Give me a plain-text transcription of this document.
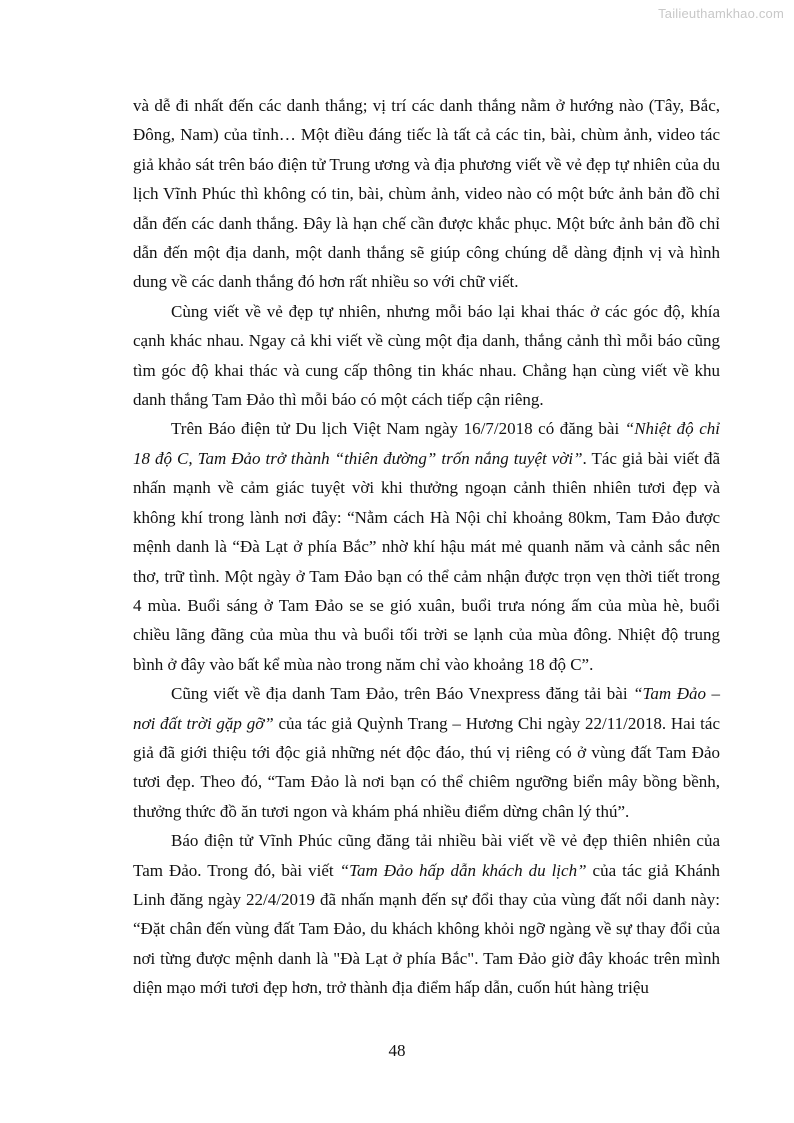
Tailieuthamkhao.com

và dễ đi nhất đến các danh thắng; vị trí các danh thắng nằm ở hướng nào (Tây, Bắc, Đông, Nam) của tỉnh… Một điều đáng tiếc là tất cả các tin, bài, chùm ảnh, video tác giả khảo sát trên báo điện tử Trung ương và địa phương viết về vẻ đẹp tự nhiên của du lịch Vĩnh Phúc thì không có tin, bài, chùm ảnh, video nào có một bức ảnh bản đồ chỉ dẫn đến các danh thắng. Đây là hạn chế cần được khắc phục. Một bức ảnh bản đồ chỉ dẫn đến một địa danh, một danh thắng sẽ giúp công chúng dễ dàng định vị và hình dung về các danh thắng đó hơn rất nhiều so với chữ viết.

Cùng viết về vẻ đẹp tự nhiên, nhưng mỗi báo lại khai thác ở các góc độ, khía cạnh khác nhau. Ngay cả khi viết về cùng một địa danh, thắng cảnh thì mỗi báo cũng tìm góc độ khai thác và cung cấp thông tin khác nhau. Chẳng hạn cùng viết về khu danh thắng Tam Đảo thì mỗi báo có một cách tiếp cận riêng.

Trên Báo điện tử Du lịch Việt Nam ngày 16/7/2018 có đăng bài “Nhiệt độ chỉ 18 độ C, Tam Đảo trở thành “thiên đường” trốn nắng tuyệt vời”. Tác giả bài viết đã nhấn mạnh về cảm giác tuyệt vời khi thưởng ngoạn cảnh thiên nhiên tươi đẹp và không khí trong lành nơi đây: “Nằm cách Hà Nội chỉ khoảng 80km, Tam Đảo được mệnh danh là “Đà Lạt ở phía Bắc” nhờ khí hậu mát mẻ quanh năm và cảnh sắc nên thơ, trữ tình. Một ngày ở Tam Đảo bạn có thể cảm nhận được trọn vẹn thời tiết trong 4 mùa. Buổi sáng ở Tam Đảo se se gió xuân, buổi trưa nóng ấm của mùa hè, buổi chiều lãng đãng của mùa thu và buổi tối trời se lạnh của mùa đông. Nhiệt độ trung bình ở đây vào bất kể mùa nào trong năm chỉ vào khoảng 18 độ C”.

Cũng viết về địa danh Tam Đảo, trên Báo Vnexpress đăng tải bài “Tam Đảo – nơi đất trời gặp gỡ” của tác giả Quỳnh Trang – Hương Chi ngày 22/11/2018. Hai tác giả đã giới thiệu tới độc giả những nét độc đáo, thú vị riêng có ở vùng đất Tam Đảo tươi đẹp. Theo đó, “Tam Đảo là nơi bạn có thể chiêm ngưỡng biển mây bồng bềnh, thưởng thức đồ ăn tươi ngon và khám phá nhiều điểm dừng chân lý thú”.

Báo điện tử Vĩnh Phúc cũng đăng tải nhiều bài viết về vẻ đẹp thiên nhiên của Tam Đảo. Trong đó, bài viết “Tam Đảo hấp dẫn khách du lịch” của tác giả Khánh Linh đăng ngày 22/4/2019 đã nhấn mạnh đến sự đổi thay của vùng đất nổi danh này: “Đặt chân đến vùng đất Tam Đảo, du khách không khỏi ngỡ ngàng về sự thay đổi của nơi từng được mệnh danh là "Đà Lạt ở phía Bắc". Tam Đảo giờ đây khoác trên mình diện mạo mới tươi đẹp hơn, trở thành địa điểm hấp dẫn, cuốn hút hàng triệu

48
